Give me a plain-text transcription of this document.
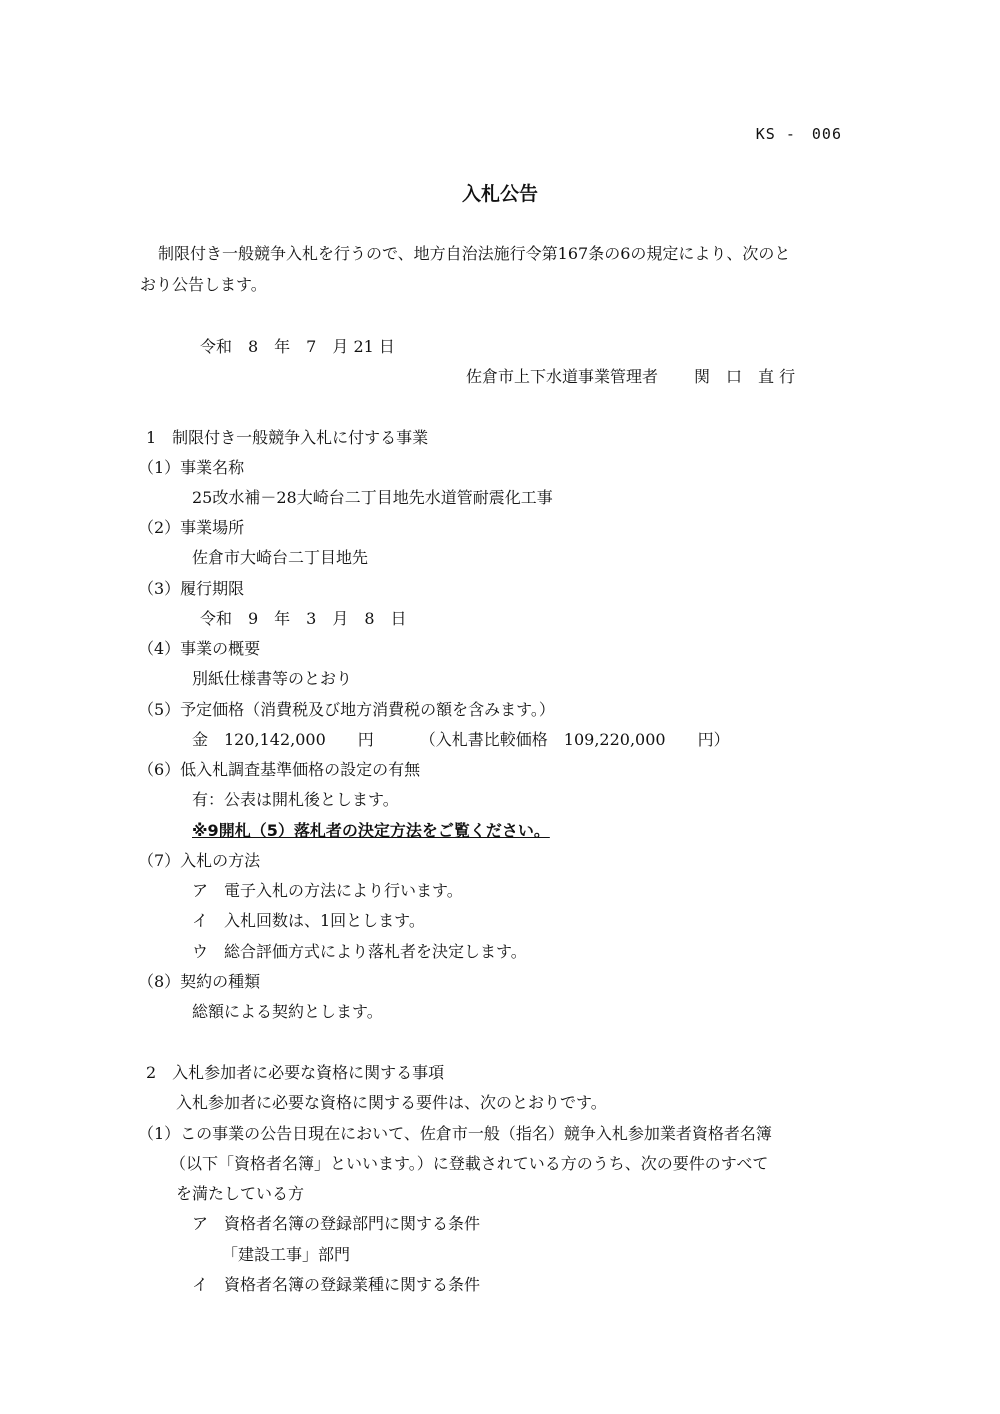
KS -　006
入札公告
制限付き一般競争入札を行うので、地方自治法施行令第167条の6の規定により、次のと
おり公告します。
令和　8　年　7　月 21 日
佐倉市上下水道事業管理者 関　口　直 行
1　制限付き一般競争入札に付する事業
（1）事業名称
25改水補－28大崎台二丁目地先水道管耐震化工事
（2）事業場所
佐倉市大崎台二丁目地先
（3）履行期限
令和　9　年　3　月　8　日
（4）事業の概要
別紙仕様書等のとおり
（5）予定価格（消費税及び地方消費税の額を含みます。）
金　120,142,000　　円	（入札書比較価格　109,220,000　　円）
（6）低入札調査基準価格の設定の有無
有：公表は開札後とします。
※9開札（5）落札者の決定方法をご覧ください。
（7）入札の方法
ア　電子入札の方法により行います。
イ　入札回数は、1回とします。
ウ　総合評価方式により落札者を決定します。
（8）契約の種類
総額による契約とします。
2　入札参加者に必要な資格に関する事項
入札参加者に必要な資格に関する要件は、次のとおりです。
（1）この事業の公告日現在において、佐倉市一般（指名）競争入札参加業者資格者名簿
（以下「資格者名簿」といいます。）に登載されている方のうち、次の要件のすべて
を満たしている方
ア　資格者名簿の登録部門に関する条件
「建設工事」部門
イ　資格者名簿の登録業種に関する条件
